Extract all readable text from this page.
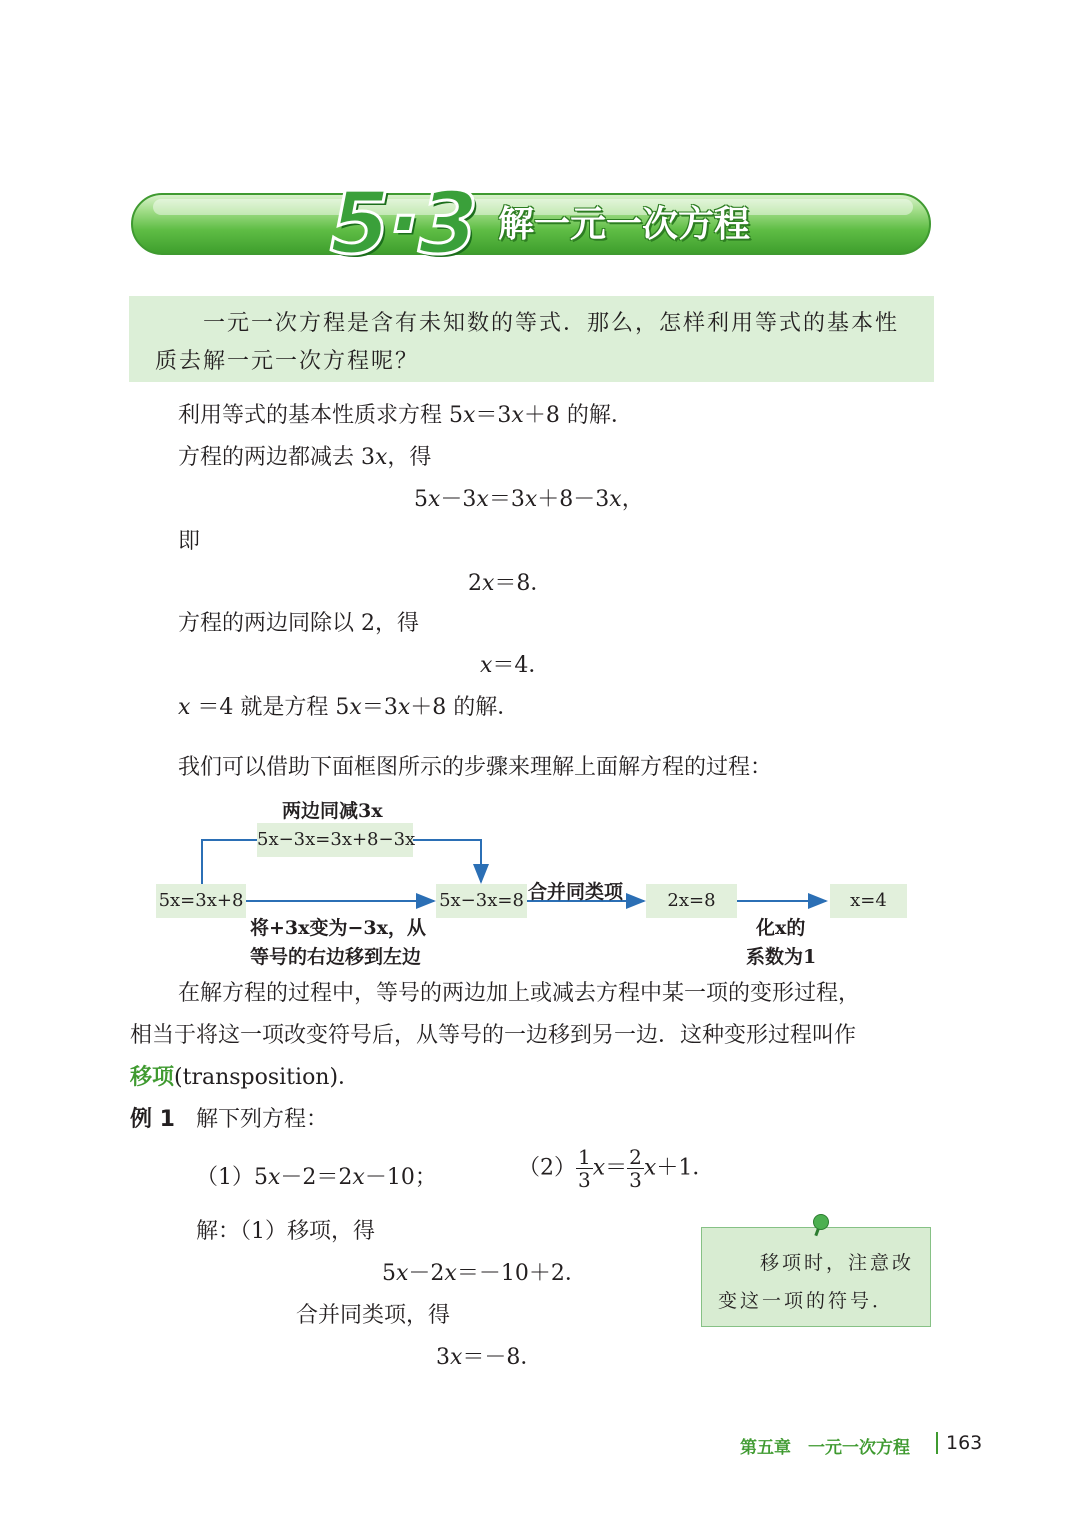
5·3 解一元一次方程
一元一次方程是含有未知数的等式．那么，怎样利用等式的基本性
质去解一元一次方程呢？
利用等式的基本性质求方程 5x＝3x＋8 的解．
方程的两边都减去 3x，得
5x－3x＝3x＋8－3x，
即
2x＝8．
方程的两边同除以 2，得
x＝4．
x ＝4 就是方程 5x＝3x＋8 的解．
我们可以借助下面框图所示的步骤来理解上面解方程的过程：
两边同减3x
5x−3x=3x+8−3x
5x=3x+8	5x−3x=8	2x=8	x=4
将+3x变为−3x，从
等号的右边移到左边
合并同类项
化x的
系数为1
在解方程的过程中，等号的两边加上或减去方程中某一项的变形过程，
相当于将这一项改变符号后，从等号的一边移到另一边．这种变形过程叫作
移项(transposition)．
例 1 解下列方程：
（1）5x－2＝2x－10；	$(2) \frac{1}{3} x= \frac{2}{3} x+1$．
解：（1）移项，得
5x－2x＝－10＋2．
合并同类项，得
3x＝－8．
移项时，注意改
变这一项的符号．
第五章　一元一次方程 163
